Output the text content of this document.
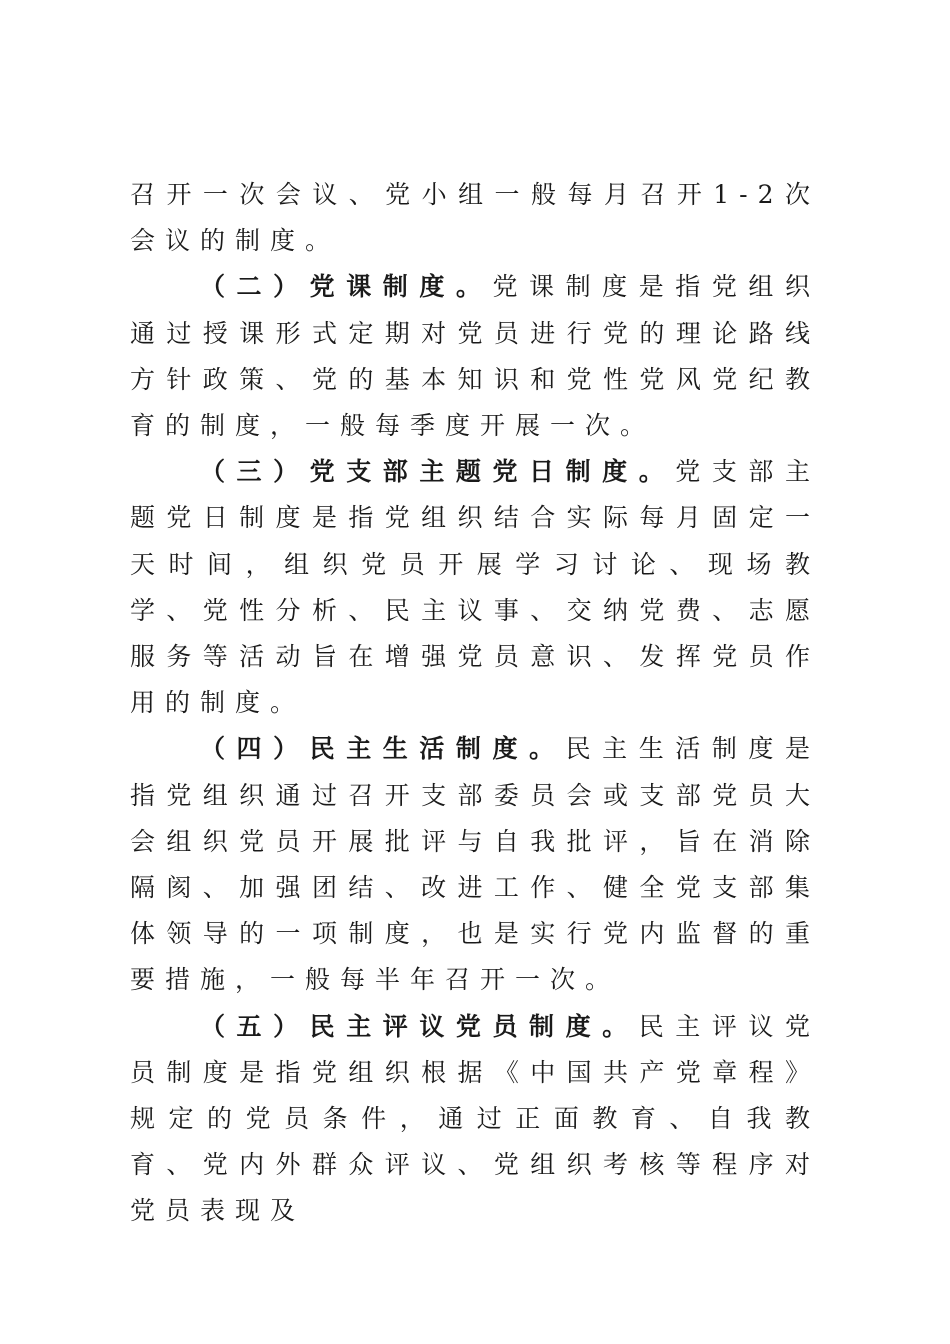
召开一次会议、党小组一般每月召开1-2次会议的制度。

（二）党课制度。党课制度是指党组织通过授课形式定期对党员进行党的理论路线方针政策、党的基本知识和党性党风党纪教育的制度，一般每季度开展一次。

（三）党支部主题党日制度。党支部主题党日制度是指党组织结合实际每月固定一天时间，组织党员开展学习讨论、现场教学、党性分析、民主议事、交纳党费、志愿服务等活动旨在增强党员意识、发挥党员作用的制度。

（四）民主生活制度。民主生活制度是指党组织通过召开支部委员会或支部党员大会组织党员开展批评与自我批评，旨在消除隔阂、加强团结、改进工作、健全党支部集体领导的一项制度，也是实行党内监督的重要措施，一般每半年召开一次。

（五）民主评议党员制度。民主评议党员制度是指党组织根据《中国共产党章程》规定的党员条件，通过正面教育、自我教育、党内外群众评议、党组织考核等程序对党员表现及
